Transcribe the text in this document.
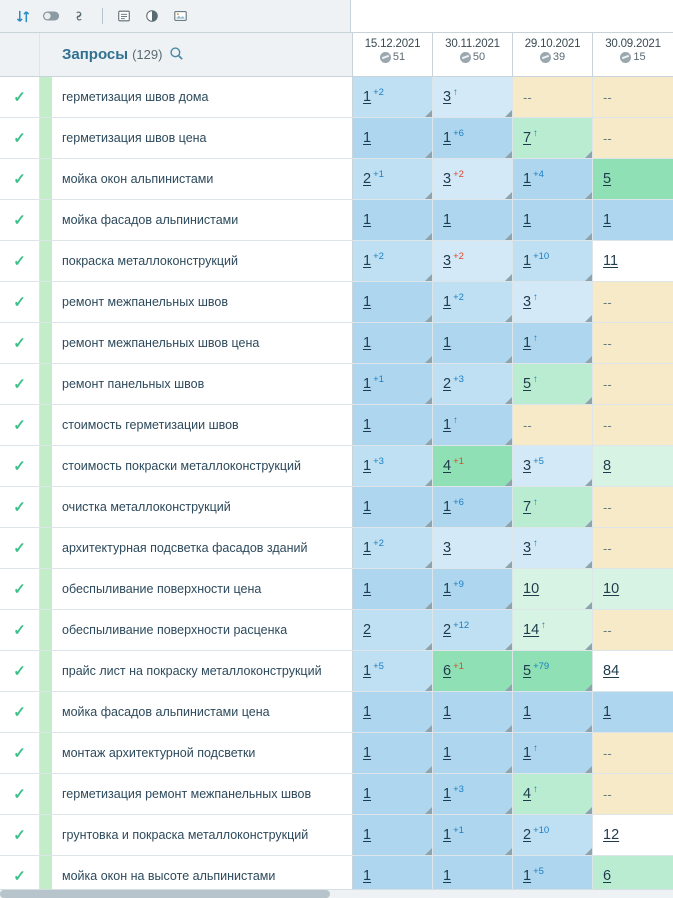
Запросы (129)
15.12.2021
51
30.11.2021
50
29.10.2021
39
30.09.2021
15
✓	герметизация швов дома	1 +2	3 ↑	--	--
✓	герметизация швов цена	1	1 +6	7 ↑	--
✓	мойка окон альпинистами	2 +1	3 +2	1 +4	5
✓	мойка фасадов альпинистами	1	1	1	1
✓	покраска металлоконструкций	1 +2	3 +2	1 +10	11
✓	ремонт межпанельных швов	1	1 +2	3 ↑	--
✓	ремонт межпанельных швов цена	1	1	1 ↑	--
✓	ремонт панельных швов	1 +1	2 +3	5 ↑	--
✓	стоимость герметизации швов	1	1 ↑	--	--
✓	стоимость покраски металлоконструкций	1 +3	4 +1	3 +5	8
✓	очистка металлоконструкций	1	1 +6	7 ↑	--
✓	архитектурная подсветка фасадов зданий	1 +2	3	3 ↑	--
✓	обеспыливание поверхности цена	1	1 +9	10	10
✓	обеспыливание поверхности расценка	2	2 +12	14 ↑	--
✓	прайс лист на покраску металлоконструкций	1 +5	6 +1	5 +79	84
✓	мойка фасадов альпинистами цена	1	1	1	1
✓	монтаж архитектурной подсветки	1	1	1 ↑	--
✓	герметизация ремонт межпанельных швов	1	1 +3	4 ↑	--
✓	грунтовка и покраска металлоконструкций	1	1 +1	2 +10	12
✓	мойка окон на высоте альпинистами	1	1	1 +5	6
